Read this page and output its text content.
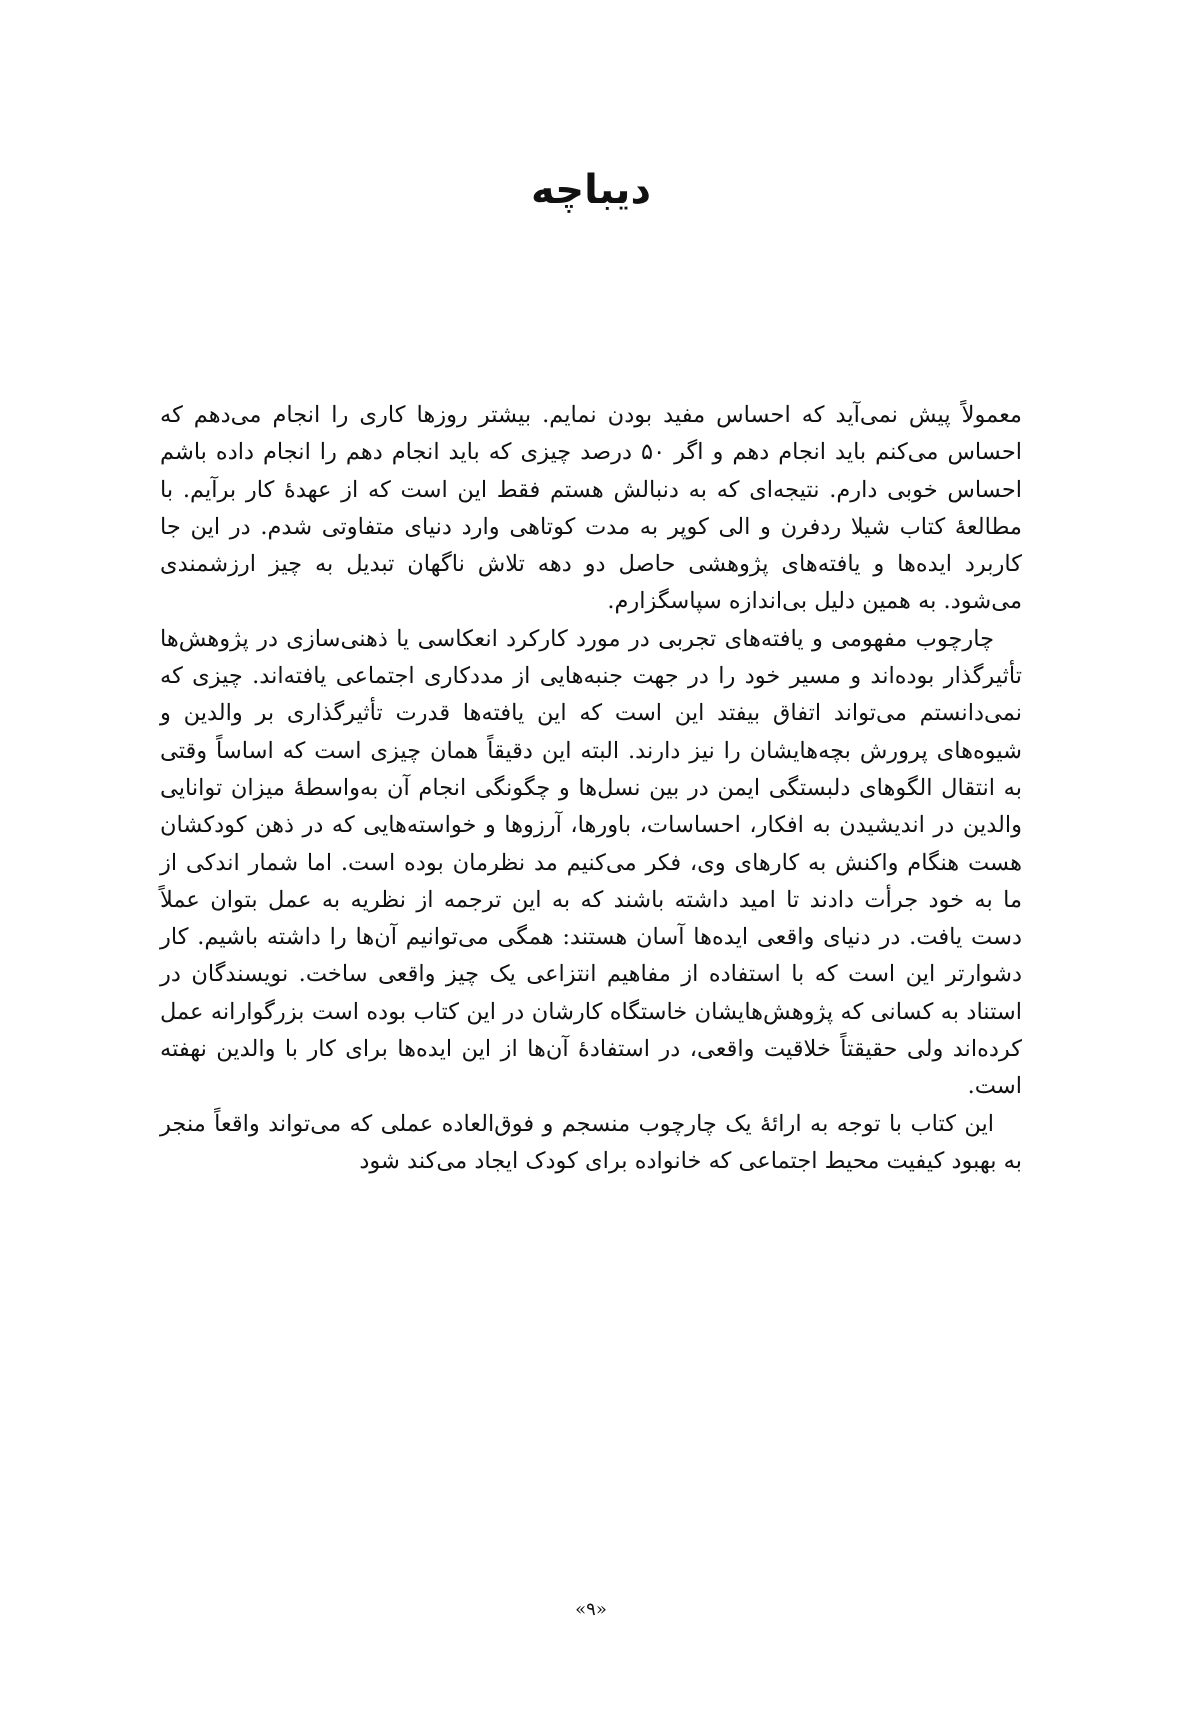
دیباچه

معمولاً پیش نمی‌آید که احساس مفید بودن نمایم. بیشتر روزها کاری را انجام می‌دهم که احساس می‌کنم باید انجام دهم و اگر ۵۰ درصد چیزی که باید انجام دهم را انجام داده باشم احساس خوبی دارم. نتیجه‌ای که به دنبالش هستم فقط این است که از عهدهٔ کار برآیم. با مطالعهٔ کتاب شیلا ردفرن و الی کوپر به مدت کوتاهی وارد دنیای متفاوتی شدم. در این جا کاربرد ایده‌ها و یافته‌های پژوهشی حاصل دو دهه تلاش ناگهان تبدیل به چیز ارزشمندی می‌شود. به همین دلیل بی‌اندازه سپاسگزارم.

چارچوب مفهومی و یافته‌های تجربی در مورد کارکرد انعکاسی یا ذهنی‌سازی در پژوهش‌ها تأثیرگذار بوده‌اند و مسیر خود را در جهت جنبه‌هایی از مددکاری اجتماعی یافته‌اند. چیزی که نمی‌دانستم می‌تواند اتفاق بیفتد این است که این یافته‌ها قدرت تأثیرگذاری بر والدین و شیوه‌های پرورش بچه‌هایشان را نیز دارند. البته این دقیقاً همان چیزی است که اساساً وقتی به انتقال الگوهای دلبستگی ایمن در بین نسل‌ها و چگونگی انجام آن به‌واسطهٔ میزان توانایی والدین در اندیشیدن به افکار، احساسات، باورها، آرزوها و خواسته‌هایی که در ذهن کودکشان هست هنگام واکنش به کارهای وی، فکر می‌کنیم مد نظرمان بوده است. اما شمار اندکی از ما به خود جرأت دادند تا امید داشته باشند که به این ترجمه از نظریه به عمل بتوان عملاً دست یافت. در دنیای واقعی ایده‌ها آسان هستند: همگی می‌توانیم آن‌ها را داشته باشیم. کار دشوارتر این است که با استفاده از مفاهیم انتزاعی یک چیز واقعی ساخت. نویسندگان در استناد به کسانی که پژوهش‌هایشان خاستگاه کارشان در این کتاب بوده است بزرگوارانه عمل کرده‌اند ولی حقیقتاً خلاقیت واقعی، در استفادهٔ آن‌ها از این ایده‌ها برای کار با والدین نهفته است.

این کتاب با توجه به ارائهٔ یک چارچوب منسجم و فوق‌العاده عملی که می‌تواند واقعاً منجر به بهبود کیفیت محیط اجتماعی که خانواده برای کودک ایجاد می‌کند شود

«۹»
